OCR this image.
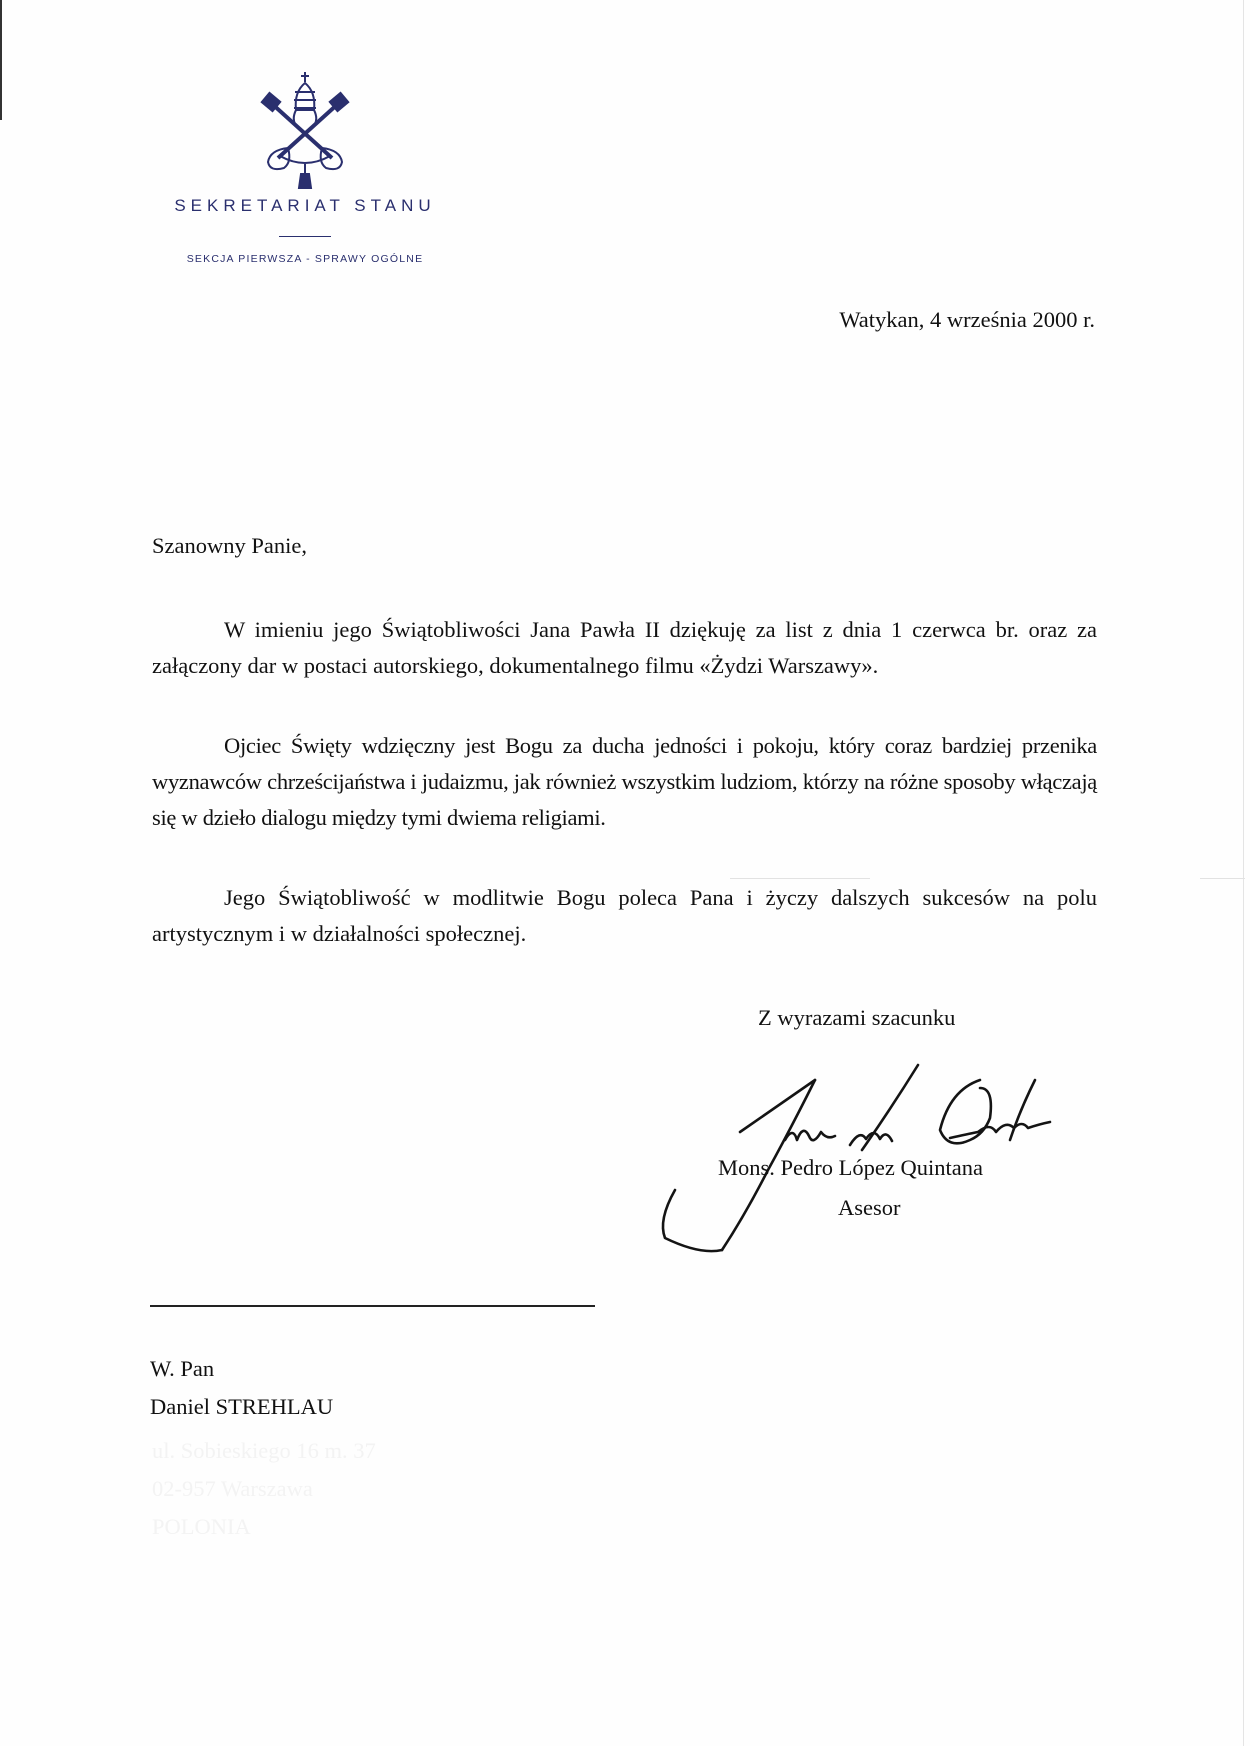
SEKRETARIAT STANU
SEKCJA PIERWSZA - SPRAWY OGÓLNE
Watykan, 4 września 2000 r.
Szanowny Panie,
W imieniu jego Świątobliwości Jana Pawła II dziękuję za list z dnia 1 czerwca br. oraz za załączony dar w postaci autorskiego, dokumentalnego filmu «Żydzi Warszawy».
Ojciec Święty wdzięczny jest Bogu za ducha jedności i pokoju, który coraz bardziej przenika wyznawców chrześcijaństwa i judaizmu, jak również wszystkim ludziom, którzy na różne sposoby włączają się w dzieło dialogu między tymi dwiema religiami.
Jego Świątobliwość w modlitwie Bogu poleca Pana i życzy dalszych sukcesów na polu artystycznym i w działalności społecznej.
Z wyrazami szacunku
Mons. Pedro López Quintana
Asesor
W. Pan
Daniel STREHLAU
ul. Sobieskiego 16 m. 37
02-957 Warszawa
POLONIA
